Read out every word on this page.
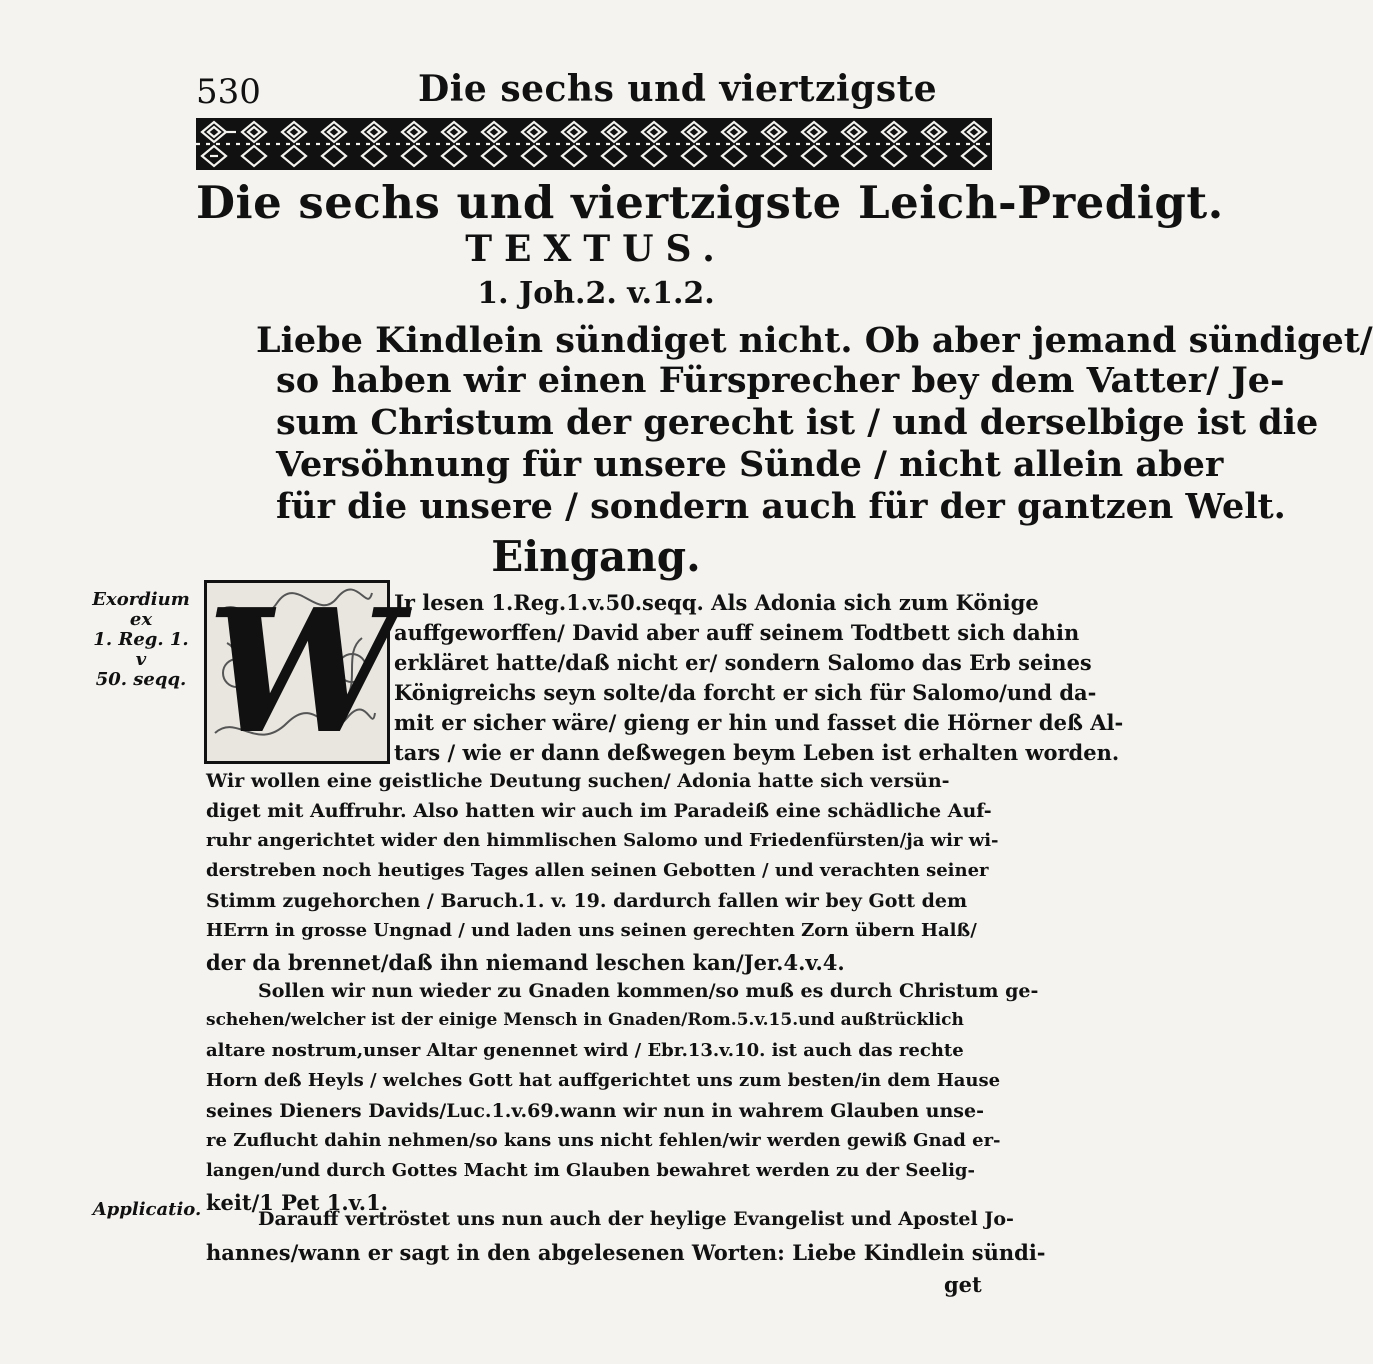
530	Die sechs und viertzigste
Die sechs und viertzigste Leich-Predigt.
TEXTUS.
1. Joh.2. v.1.2.
Liebe Kindlein sündiget nicht. Ob aber jemand sündiget/
so haben wir einen Fürsprecher bey dem Vatter/ Je-
sum Christum der gerecht ist / und derselbige ist die
Versöhnung für unsere Sünde / nicht allein aber
für die unsere / sondern auch für der gantzen Welt.
Eingang.
Exordium
ex
1. Reg. 1. v
50. seqq.
Applicatio.
W
Jr lesen 1.Reg.1.v.50.seqq. Als Adonia sich zum Könige
auffgeworffen/ David aber auff seinem Todtbett sich dahin
erkläret hatte/daß nicht er/ sondern Salomo das Erb seines
Königreichs seyn solte/da forcht er sich für Salomo/und da-
mit er sicher wäre/ gieng er hin und fasset die Hörner deß Al-
tars / wie er dann deßwegen beym Leben ist erhalten worden.
Wir wollen eine geistliche Deutung suchen/ Adonia hatte sich versün-
diget mit Auffruhr. Also hatten wir auch im Paradeiß eine schädliche Auf-
ruhr angerichtet wider den himmlischen Salomo und Friedenfürsten/ja wir wi-
derstreben noch heutiges Tages allen seinen Gebotten / und verachten seiner
Stimm zugehorchen / Baruch.1. v. 19. dardurch fallen wir bey Gott dem
HErrn in grosse Ungnad / und laden uns seinen gerechten Zorn übern Halß/
der da brennet/daß ihn niemand leschen kan/Jer.4.v.4.
Sollen wir nun wieder zu Gnaden kommen/so muß es durch Christum ge-
schehen/welcher ist der einige Mensch in Gnaden/Rom.5.v.15.und außtrücklich
altare nostrum,unser Altar genennet wird / Ebr.13.v.10. ist auch das rechte
Horn deß Heyls / welches Gott hat auffgerichtet uns zum besten/in dem Hause
seines Dieners Davids/Luc.1.v.69.wann wir nun in wahrem Glauben unse-
re Zuflucht dahin nehmen/so kans uns nicht fehlen/wir werden gewiß Gnad er-
langen/und durch Gottes Macht im Glauben bewahret werden zu der Seelig-
keit/1 Pet 1.v.1.
Darauff vertröstet uns nun auch der heylige Evangelist und Apostel Jo-
hannes/wann er sagt in den abgelesenen Worten: Liebe Kindlein sündi-
get
